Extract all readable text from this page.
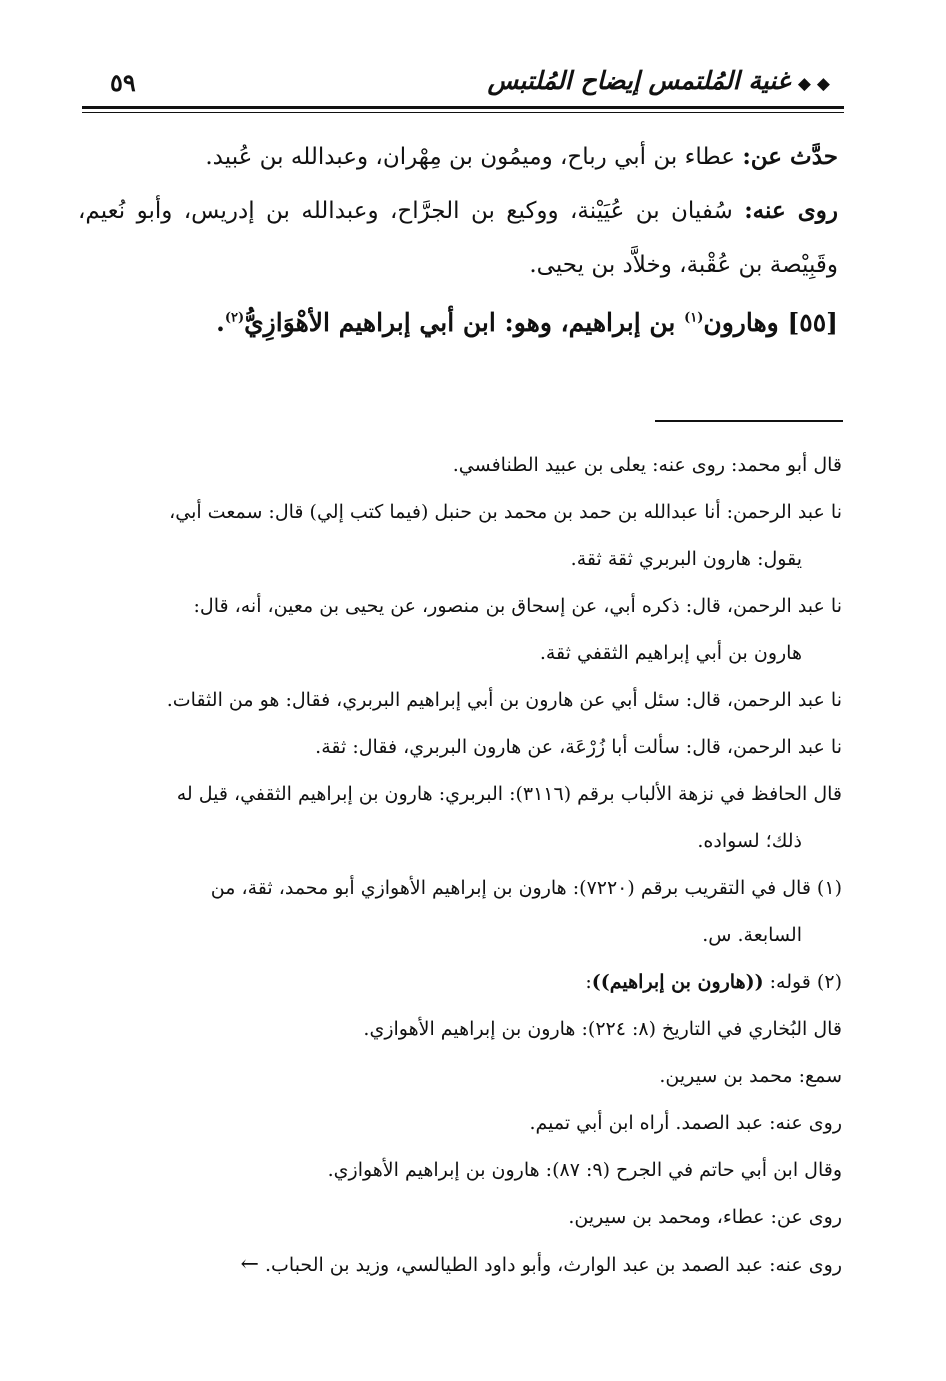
◆ ◆غنية المُلتمس إيضاح المُلتبس
٥٩

حدَّث عن: عطاء بن أبي رباح، وميمُون بن مِهْران، وعبدالله بن عُبيد.

روى عنه: سُفيان بن عُيَيْنة، ووكيع بن الجرَّاح، وعبدالله بن إدريس، وأبو نُعيم، وقَبِيْصة بن عُقْبة، وخلاَّد بن يحيى.

[٥٥] وهارون$^{(١)}$ بن إبراهيم، وهو: ابن أبي إبراهيم الأهْوَازِيُّ$^{(٢)}$.

قال أبو محمد: روى عنه: يعلى بن عبيد الطنافسي.

نا عبد الرحمن: أنا عبدالله بن حمد بن محمد بن حنبل (فيما كتب إلي) قال: سمعت أبي،

يقول: هارون البربري ثقة ثقة.

نا عبد الرحمن، قال: ذكره أبي، عن إسحاق بن منصور، عن يحيى بن معين، أنه، قال:

هارون بن أبي إبراهيم الثقفي ثقة.

نا عبد الرحمن، قال: سئل أبي عن هارون بن أبي إبراهيم البربري، فقال: هو من الثقات.

نا عبد الرحمن، قال: سألت أبا زُرْعَة، عن هارون البربري، فقال: ثقة.

قال الحافظ في نزهة الألباب برقم (٣١١٦): البربري: هارون بن إبراهيم الثقفي، قيل له

ذلك؛ لسواده.

(١) قال في التقريب برقم (٧٢٢٠): هارون بن إبراهيم الأهوازي أبو محمد، ثقة، من

السابعة. س.

(٢) قوله: ((هارون بن إبراهيم)):

قال البُخاري في التاريخ (٨: ٢٢٤): هارون بن إبراهيم الأهوازي.

سمع: محمد بن سيرين.

روى عنه: عبد الصمد. أراه ابن أبي تميم.

وقال ابن أبي حاتم في الجرح (٩: ٨٧): هارون بن إبراهيم الأهوازي.

روى عن: عطاء، ومحمد بن سيرين.

روى عنه: عبد الصمد بن عبد الوارث، وأبو داود الطيالسي، وزيد بن الحباب.←
